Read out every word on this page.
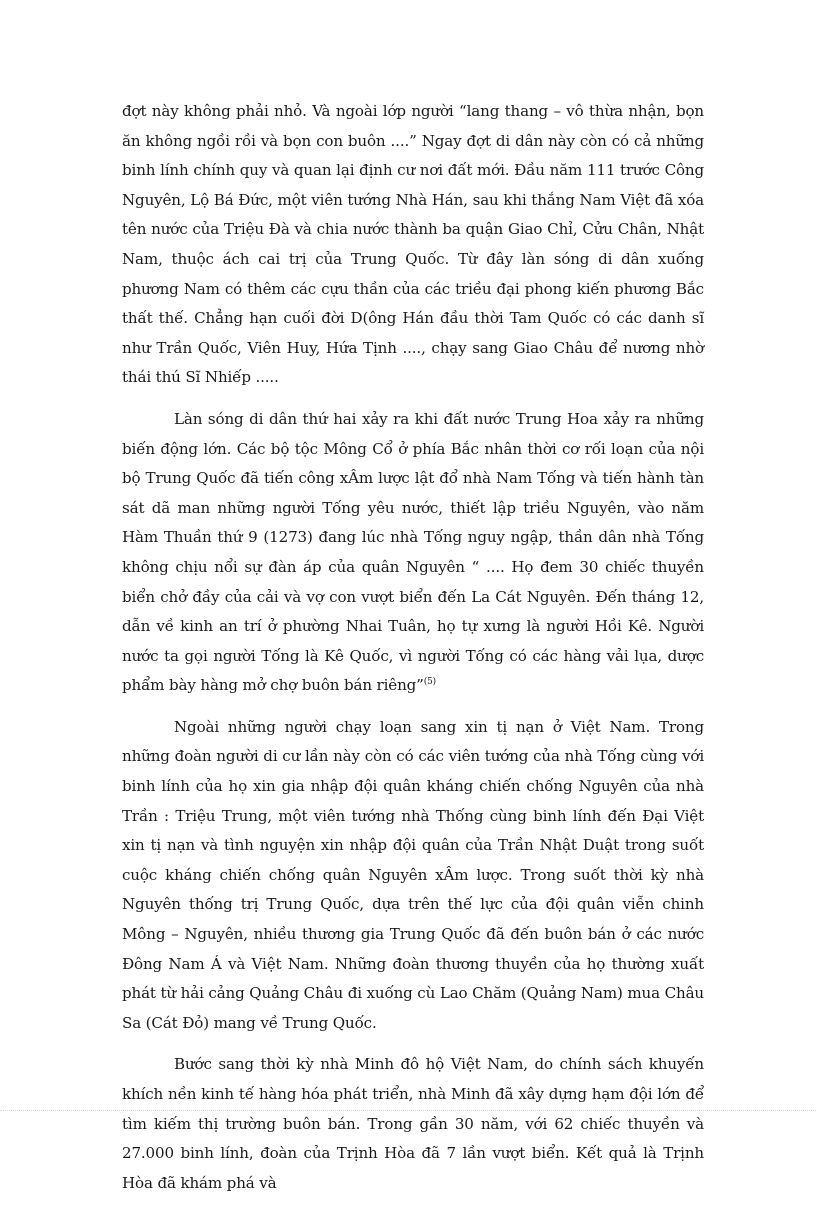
đợt này không phải nhỏ. Và ngoài lớp người “lang thang – vô thừa nhận, bọn ăn không ngồi rồi và bọn con buôn ....” Ngay đợt di dân này còn có cả những binh lính chính quy và quan lại định cư nơi đất mới. Đầu năm 111 trước Công Nguyên, Lộ Bá Đức, một viên tướng Nhà Hán, sau khi thắng Nam Việt đã xóa tên nước của Triệu Đà và chia nước thành ba quận Giao Chỉ, Cửu Chân, Nhật Nam, thuộc ách cai trị của Trung Quốc. Từ đây làn sóng di dân xuống phương Nam có thêm các cựu thần của các triều đại phong kiến phương Bắc thất thế. Chẳng hạn cuối đời D(ông Hán đầu thời Tam Quốc có các danh sĩ như Trần Quốc, Viên Huy, Hứa Tịnh ...., chạy sang Giao Châu để nương nhờ thái thú Sĩ Nhiếp .....

Làn sóng di dân thứ hai xảy ra khi đất nước Trung Hoa xảy ra những biến động lớn. Các bộ tộc Mông Cổ ở phía Bắc nhân thời cơ rối loạn của nội bộ Trung Quốc đã tiến công xÂm lược lật đổ nhà Nam Tống và tiến hành tàn sát dã man những người Tống yêu nước, thiết lập triều Nguyên, vào năm Hàm Thuần thứ 9 (1273) đang lúc nhà Tống nguy ngập, thần dân nhà Tống không chịu nổi sự đàn áp của quân Nguyên “ .... Họ đem 30 chiếc thuyền biển chở đầy của cải và vợ con vượt biển đến La Cát Nguyên. Đến tháng 12, dẫn về kinh an trí ở phường Nhai Tuân, họ tự xưng là người Hồi Kê. Người nước ta gọi người Tống là Kê Quốc, vì người Tống có các hàng vải lụa, dược phẩm bày hàng mở chợ buôn bán riêng”$^{(5)}$

Ngoài những người chạy loạn sang xin tị nạn ở Việt Nam. Trong những đoàn người di cư lần này còn có các viên tướng của nhà Tống cùng với binh lính của họ xin gia nhập đội quân kháng chiến chống Nguyên của nhà Trần : Triệu Trung, một viên tướng nhà Thống cùng binh lính đến Đại Việt xin tị nạn và tình nguyện xin nhập đội quân của Trần Nhật Duật trong suốt cuộc kháng chiến chống quân Nguyên xÂm lược. Trong suốt thời kỳ nhà Nguyên thống trị Trung Quốc, dựa trên thế lực của đội quân viễn chinh Mông – Nguyên, nhiều thương gia Trung Quốc đã đến buôn bán ở các nước Đông Nam Á và Việt Nam. Những đoàn thương thuyền của họ thường xuất phát từ hải cảng Quảng Châu đi xuống cù Lao Chăm (Quảng Nam) mua Châu Sa (Cát Đỏ) mang về Trung Quốc.

Bước sang thời kỳ nhà Minh đô hộ Việt Nam, do chính sách khuyến khích nền kinh tế hàng hóa phát triển, nhà Minh đã xây dựng hạm đội lớn để tìm kiếm thị trường buôn bán. Trong gần 30 năm, với 62 chiếc thuyền và 27.000 binh lính, đoàn của Trịnh Hòa đã 7 lần vượt biển. Kết quả là Trịnh Hòa đã khám phá và
